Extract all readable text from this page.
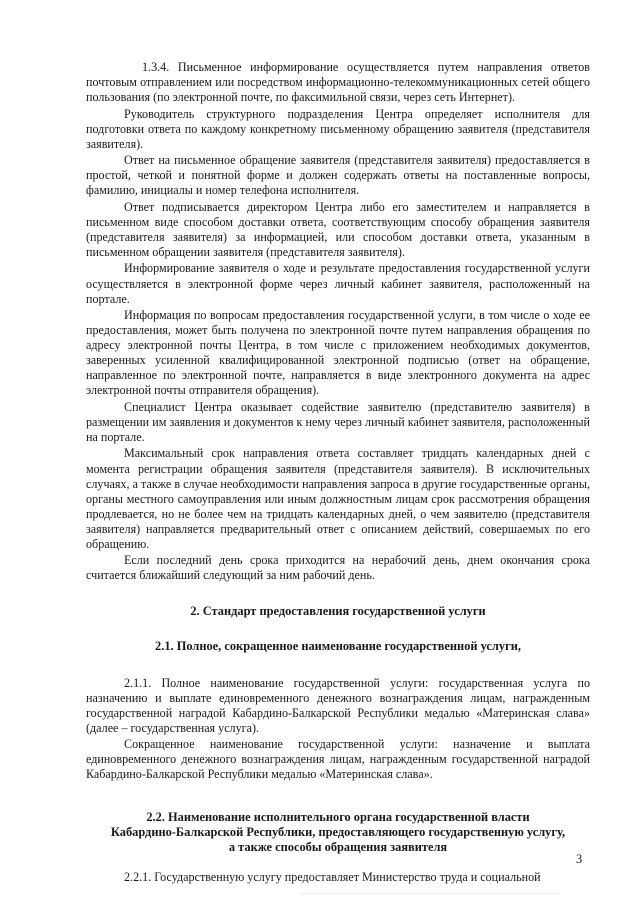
1.3.4. Письменное информирование осуществляется путем направления ответов почтовым отправлением или посредством информационно-телекоммуникационных сетей общего пользования (по электронной почте, по факсимильной связи, через сеть Интернет).

Руководитель структурного подразделения Центра определяет исполнителя для подготовки ответа по каждому конкретному письменному обращению заявителя (представителя заявителя).

Ответ на письменное обращение заявителя (представителя заявителя) предоставляется в простой, четкой и понятной форме и должен содержать ответы на поставленные вопросы, фамилию, инициалы и номер телефона исполнителя.

Ответ подписывается директором Центра либо его заместителем и направляется в письменном виде способом доставки ответа, соответствующим способу обращения заявителя (представителя заявителя) за информацией, или способом доставки ответа, указанным в письменном обращении заявителя (представителя заявителя).

Информирование заявителя о ходе и результате предоставления государственной услуги осуществляется в электронной форме через личный кабинет заявителя, расположенный на портале.

Информация по вопросам предоставления государственной услуги, в том числе о ходе ее предоставления, может быть получена по электронной почте путем направления обращения по адресу электронной почты Центра, в том числе с приложением необходимых документов, заверенных усиленной квалифицированной электронной подписью (ответ на обращение, направленное по электронной почте, направляется в виде электронного документа на адрес электронной почты отправителя обращения).

Специалист Центра оказывает содействие заявителю (представителю заявителя) в размещении им заявления и документов к нему через личный кабинет заявителя, расположенный на портале.

Максимальный срок направления ответа составляет тридцать календарных дней с момента регистрации обращения заявителя (представителя заявителя). В исключительных случаях, а также в случае необходимости направления запроса в другие государственные органы, органы местного самоуправления или иным должностным лицам срок рассмотрения обращения продлевается, но не более чем на тридцать календарных дней, о чем заявителю (представителя заявителя) направляется предварительный ответ с описанием действий, совершаемых по его обращению.

Если последний день срока приходится на нерабочий день, днем окончания срока считается ближайший следующий за ним рабочий день.

2. Стандарт предоставления государственной услуги
2.1. Полное, сокращенное наименование государственной услуги,

2.1.1. Полное наименование государственной услуги: государственная услуга по назначению и выплате единовременного денежного вознаграждения лицам, награжденным государственной наградой Кабардино-Балкарской Республики медалью «Материнская слава» (далее – государственная услуга).

Сокращенное наименование государственной услуги: назначение и выплата единовременного денежного вознаграждения лицам, награжденным государственной наградой Кабардино-Балкарской Республики медалью «Материнская слава».

2.2. Наименование исполнительного органа государственной власти
Кабардино-Балкарской Республики, предоставляющего государственную услугу,
а также способы обращения заявителя

2.2.1. Государственную услугу предоставляет Министерство труда и социальной

3
